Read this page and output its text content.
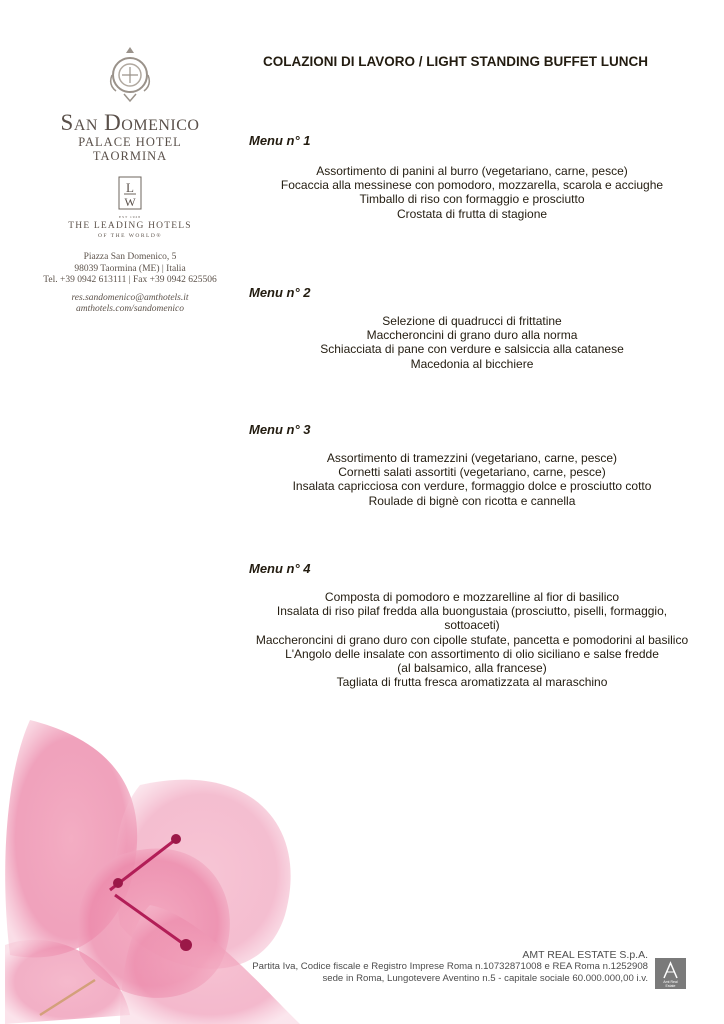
San Domenico
PALACE HOTEL
TAORMINA
L
W
EST 1928
THE LEADING HOTELS
OF THE WORLD®
Piazza San Domenico, 5
98039 Taormina (ME) | Italia
Tel. +39 0942 613111 | Fax +39 0942 625506
res.sandomenico@amthotels.it
amthotels.com/sandomenico
COLAZIONI DI LAVORO / LIGHT STANDING BUFFET LUNCH
Menu n° 1
Assortimento di panini al burro (vegetariano, carne, pesce)
Focaccia alla messinese con pomodoro, mozzarella, scarola e acciughe
Timballo di riso con formaggio e prosciutto
Crostata di frutta di stagione
Menu n° 2
Selezione di quadrucci di frittatine
Maccheroncini di grano duro alla norma
Schiacciata di pane con verdure e salsiccia alla catanese
Macedonia al bicchiere
Menu n° 3
Assortimento di tramezzini (vegetariano, carne, pesce)
Cornetti salati assortiti (vegetariano, carne, pesce)
Insalata capricciosa con verdure, formaggio dolce e prosciutto cotto
Roulade di bignè con ricotta e cannella
Menu n° 4
Composta di pomodoro e mozzarelline al fior di basilico
Insalata di riso pilaf fredda alla buongustaia (prosciutto, piselli, formaggio,
sottoaceti)
Maccheroncini di grano duro con cipolle stufate, pancetta e pomodorini al basilico
L'Angolo delle insalate con assortimento di olio siciliano e salse fredde
(al balsamico, alla francese)
Tagliata di frutta fresca aromatizzata al maraschino
AMT REAL ESTATE S.p.A.
Partita Iva, Codice fiscale e Registro Imprese Roma n.10732871008 e REA Roma n.1252908
sede in Roma, Lungotevere Aventino n.5 - capitale sociale 60.000.000,00 i.v.	Amt Real
Estate
